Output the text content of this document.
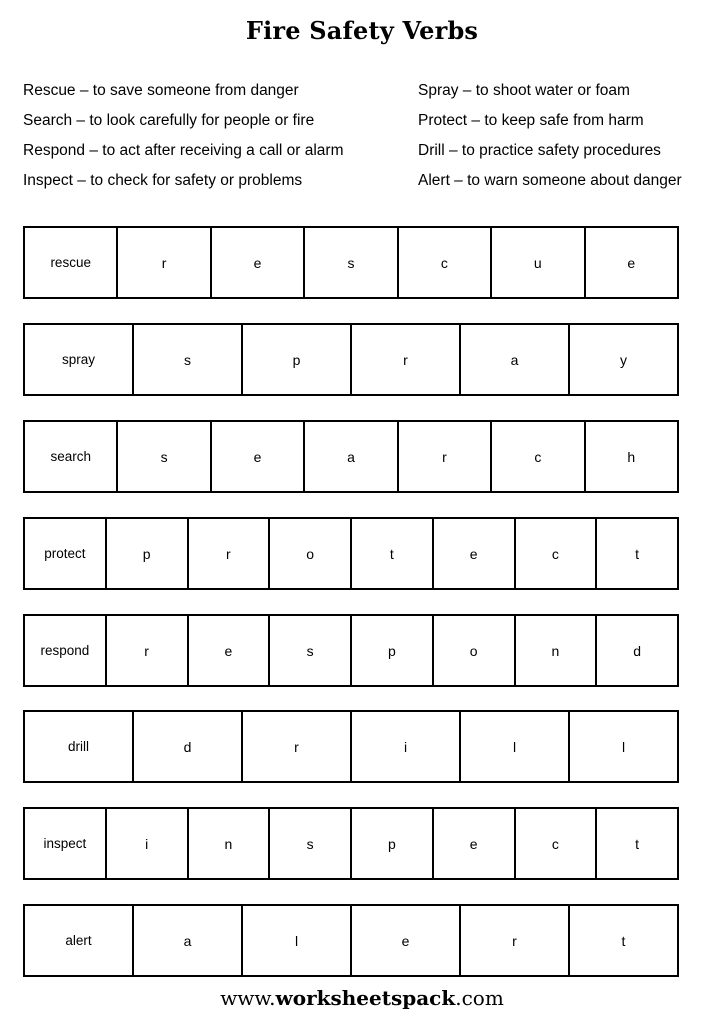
Fire Safety Verbs
Rescue – to save someone from danger
Search – to look carefully for people or fire
Respond – to act after receiving a call or alarm
Inspect – to check for safety or problems
Spray – to shoot water or foam
Protect – to keep safe from harm
Drill – to practice safety procedures
Alert – to warn someone about danger
rescue	r	e	s	c	u	e
spray	s	p	r	a	y
search	s	e	a	r	c	h
protect	p	r	o	t	e	c	t
respond	r	e	s	p	o	n	d
drill	d	r	i	l	l
inspect	i	n	s	p	e	c	t
alert	a	l	e	r	t
www.worksheetspack.com
